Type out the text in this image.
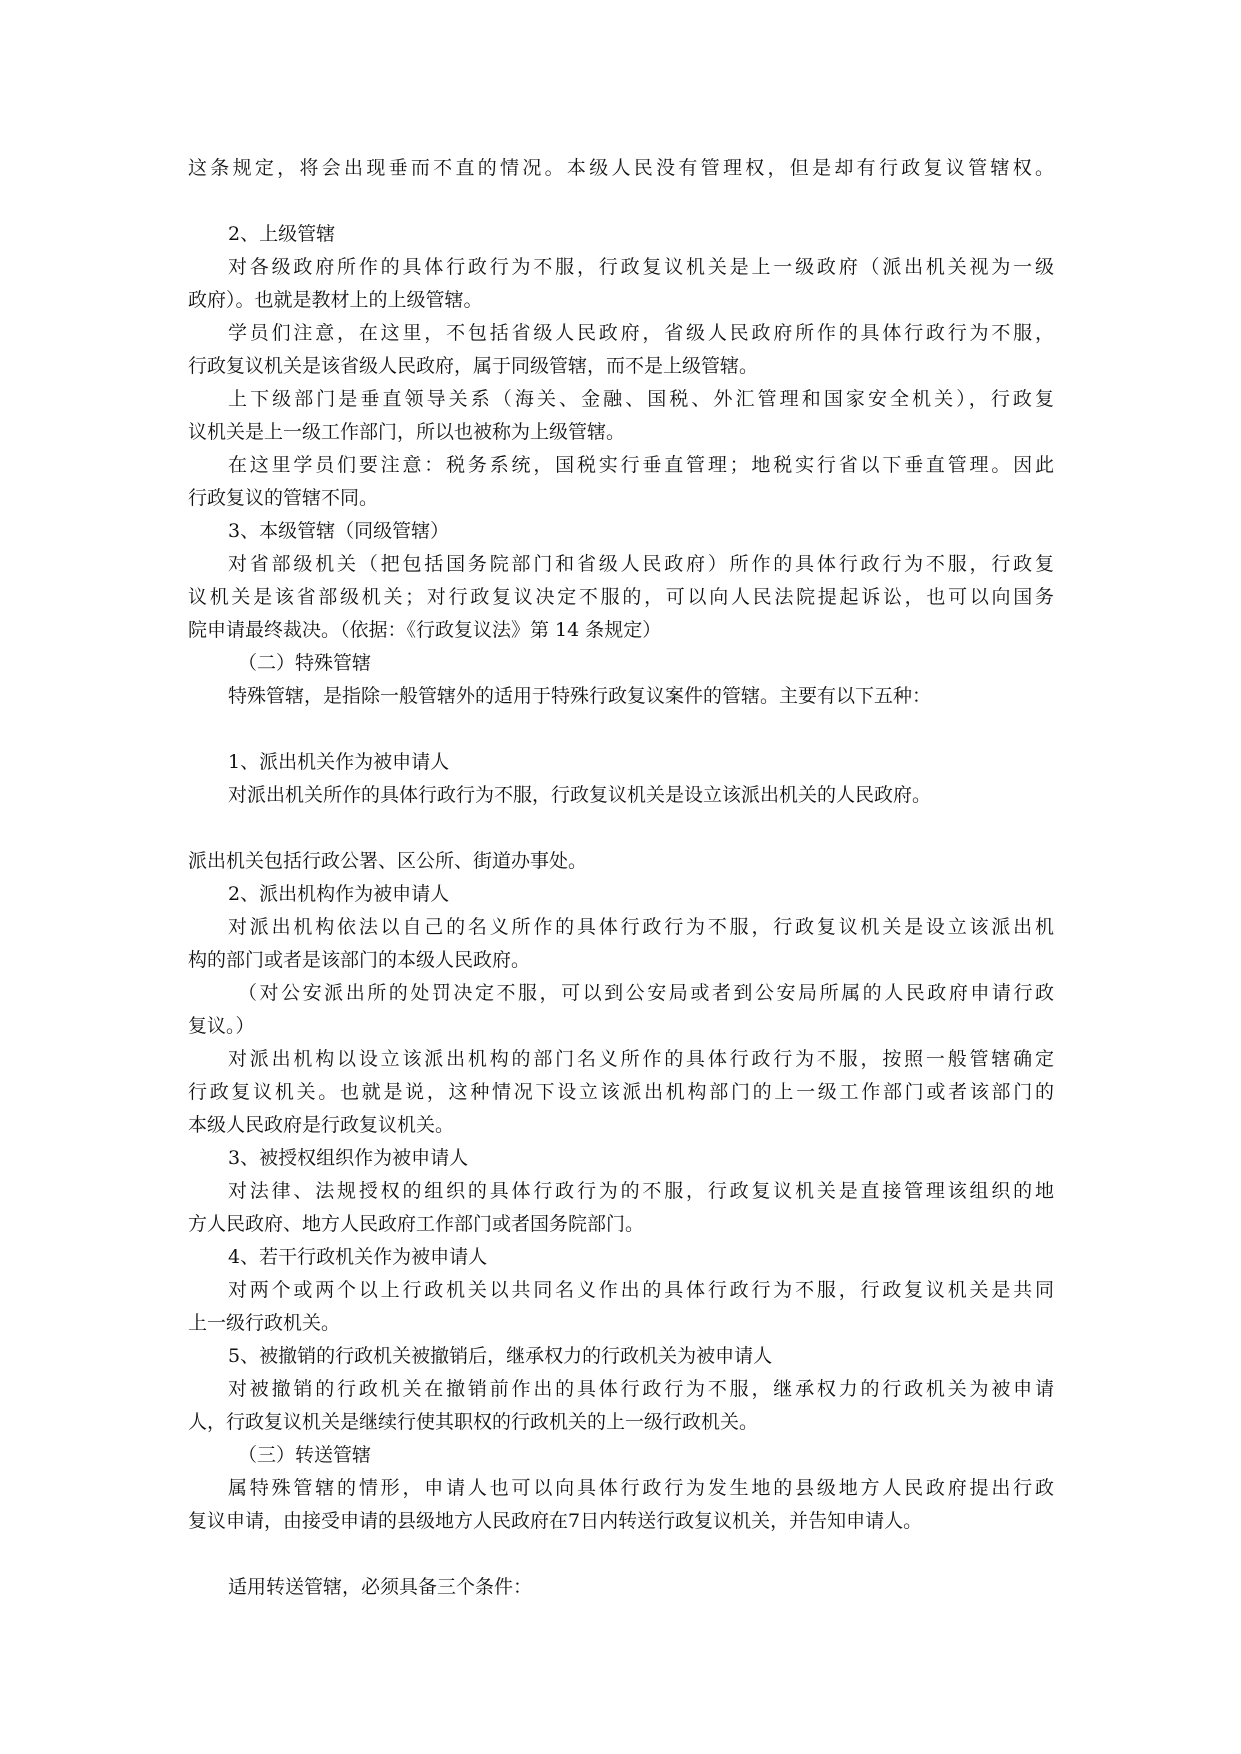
这条规定，将会出现垂而不直的情况。本级人民没有管理权，但是却有行政复议管辖权。
2、上级管辖
对各级政府所作的具体行政行为不服，行政复议机关是上一级政府（派出机关视为一级
政府）。也就是教材上的上级管辖。
学员们注意，在这里，不包括省级人民政府，省级人民政府所作的具体行政行为不服，
行政复议机关是该省级人民政府，属于同级管辖，而不是上级管辖。
上下级部门是垂直领导关系（海关、金融、国税、外汇管理和国家安全机关），行政复
议机关是上一级工作部门，所以也被称为上级管辖。
在这里学员们要注意：税务系统，国税实行垂直管理；地税实行省以下垂直管理。因此
行政复议的管辖不同。
3、本级管辖（同级管辖）
对省部级机关（把包括国务院部门和省级人民政府）所作的具体行政行为不服，行政复
议机关是该省部级机关；对行政复议决定不服的，可以向人民法院提起诉讼，也可以向国务
院申请最终裁决。（依据：《行政复议法》第 14 条规定）
（二）特殊管辖
特殊管辖，是指除一般管辖外的适用于特殊行政复议案件的管辖。主要有以下五种：
1、派出机关作为被申请人
对派出机关所作的具体行政行为不服，行政复议机关是设立该派出机关的人民政府。
派出机关包括行政公署、区公所、街道办事处。
2、派出机构作为被申请人
对派出机构依法以自己的名义所作的具体行政行为不服，行政复议机关是设立该派出机
构的部门或者是该部门的本级人民政府。
（对公安派出所的处罚决定不服，可以到公安局或者到公安局所属的人民政府申请行政
复议。）
对派出机构以设立该派出机构的部门名义所作的具体行政行为不服，按照一般管辖确定
行政复议机关。也就是说，这种情况下设立该派出机构部门的上一级工作部门或者该部门的
本级人民政府是行政复议机关。
3、被授权组织作为被申请人
对法律、法规授权的组织的具体行政行为的不服，行政复议机关是直接管理该组织的地
方人民政府、地方人民政府工作部门或者国务院部门。
4、若干行政机关作为被申请人
对两个或两个以上行政机关以共同名义作出的具体行政行为不服，行政复议机关是共同
上一级行政机关。
5、被撤销的行政机关被撤销后，继承权力的行政机关为被申请人
对被撤销的行政机关在撤销前作出的具体行政行为不服，继承权力的行政机关为被申请
人，行政复议机关是继续行使其职权的行政机关的上一级行政机关。
（三）转送管辖
属特殊管辖的情形，申请人也可以向具体行政行为发生地的县级地方人民政府提出行政
复议申请，由接受申请的县级地方人民政府在7日内转送行政复议机关，并告知申请人。
适用转送管辖，必须具备三个条件：
